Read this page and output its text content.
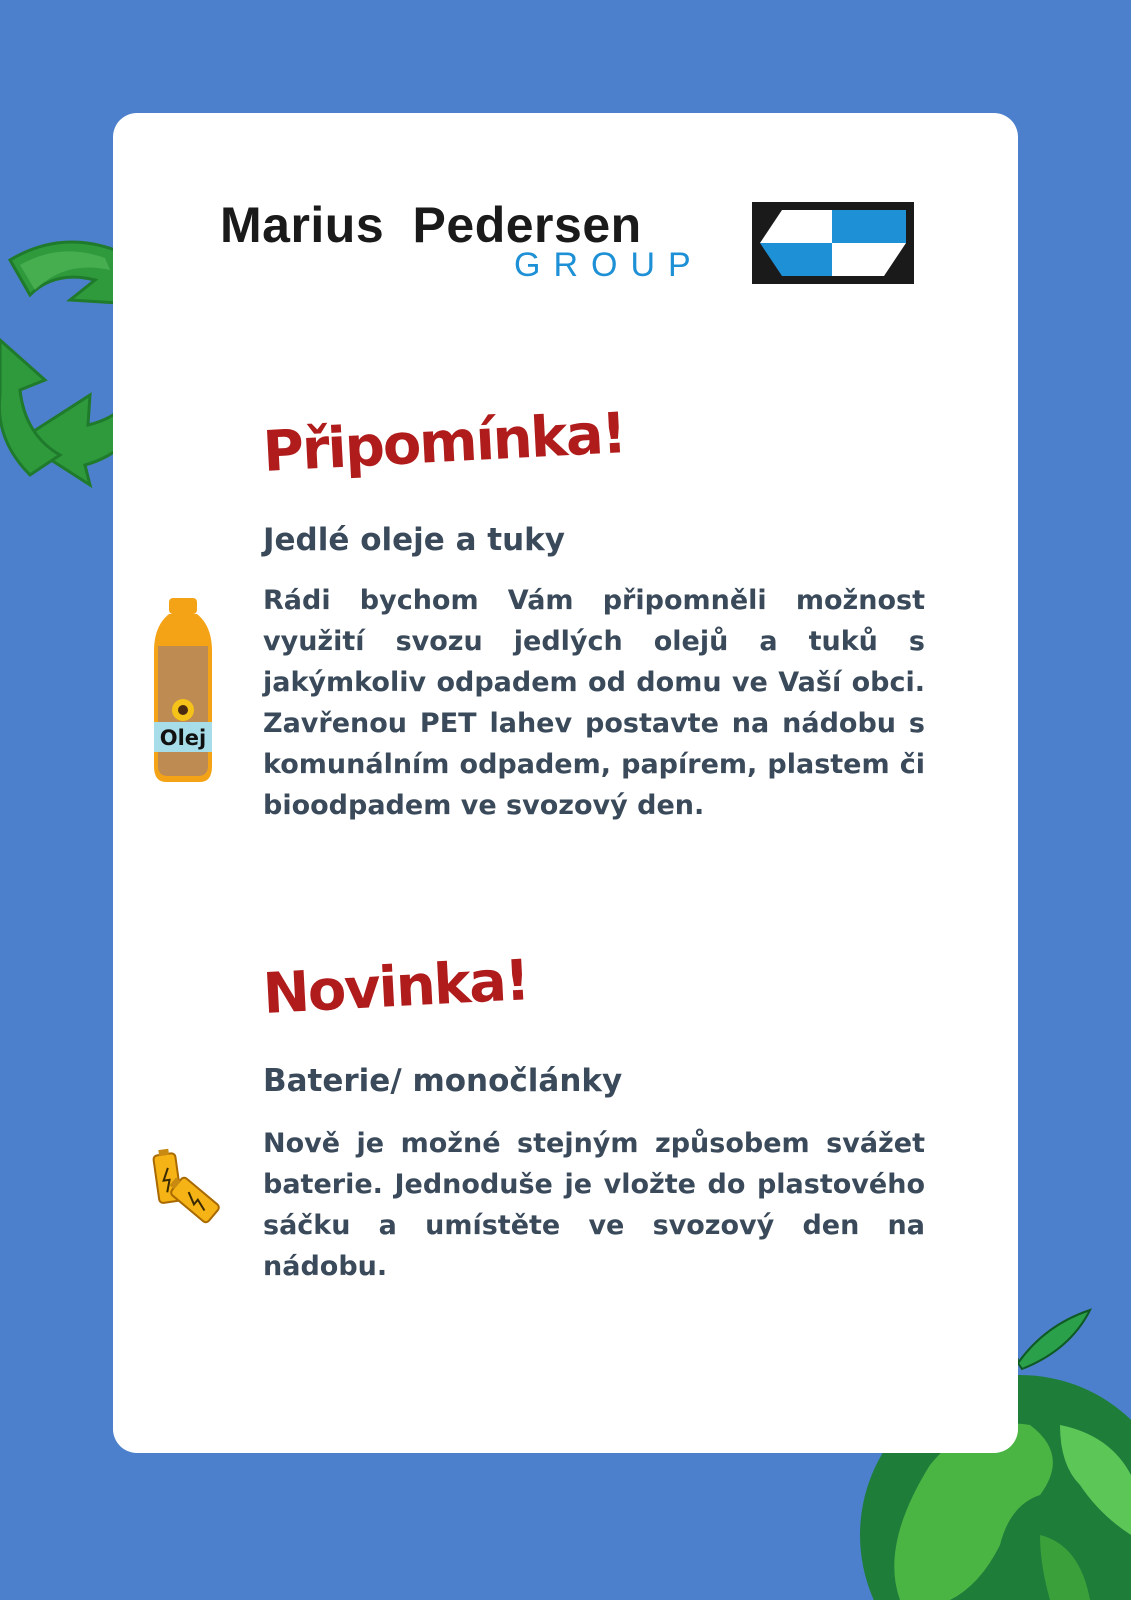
Marius Pedersen
GROUP
Připomínka!
Jedlé oleje a tuky
Olej

Rádi bychom Vám připomněli možnost využití svozu jedlých olejů a tuků s jakýmkoliv odpadem od domu ve Vaší obci. Zavřenou PET lahev postavte na nádobu s komunálním odpadem, papírem, plastem či bioodpadem ve svozový den.

Novinka!
Baterie/ monočlánky

Nově je možné stejným způsobem svážet baterie. Jednoduše je vložte do plastového sáčku a umístěte ve svozový den na nádobu.
